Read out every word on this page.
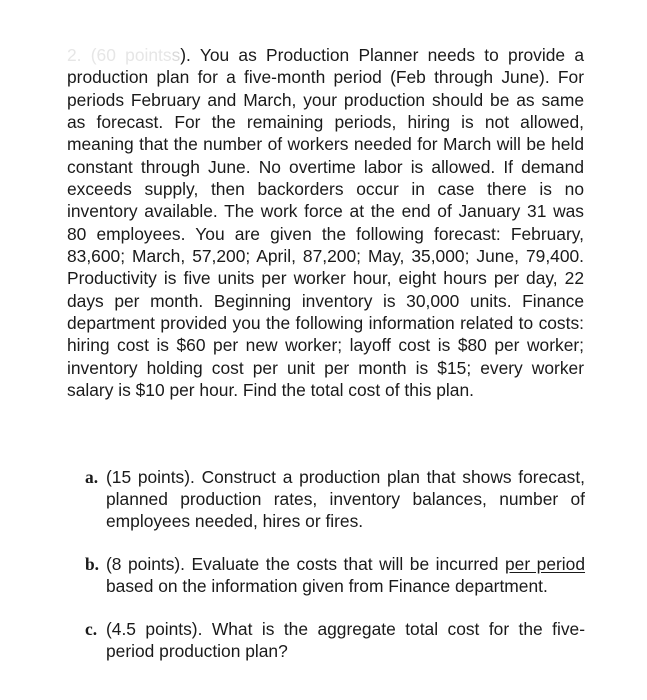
2. (60 pointss). You as Production Planner needs to provide a production plan for a five-month period (Feb through June). For periods February and March, your production should be as same as forecast. For the remaining periods, hiring is not allowed, meaning that the number of workers needed for March will be held constant through June. No overtime labor is allowed. If demand exceeds supply, then backorders occur in case there is no inventory available. The work force at the end of January 31 was 80 employees. You are given the following forecast: February, 83,600; March, 57,200; April, 87,200; May, 35,000; June, 79,400. Productivity is five units per worker hour, eight hours per day, 22 days per month. Beginning inventory is 30,000 units. Finance department provided you the following information related to costs: hiring cost is $60 per new worker; layoff cost is $80 per worker; inventory holding cost per unit per month is $15; every worker salary is $10 per hour. Find the total cost of this plan.

a. (15 points). Construct a production plan that shows forecast, planned production rates, inventory balances, number of employees needed, hires or fires.
b. (8 points). Evaluate the costs that will be incurred per period based on the information given from Finance department.
c. (4.5 points). What is the aggregate total cost for the five-period production plan?
